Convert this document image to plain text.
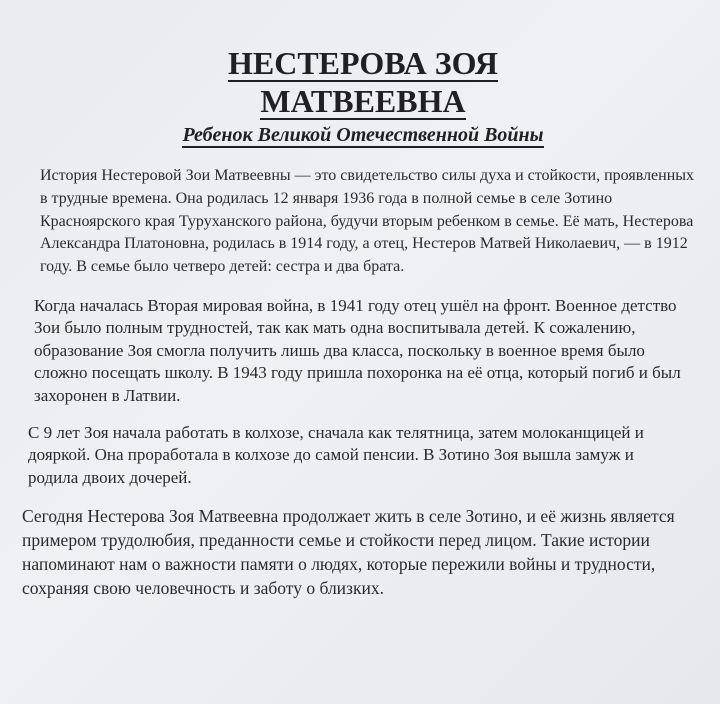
НЕСТЕРОВА ЗОЯ
МАТВЕЕВНА
Ребенок Великой Отечественной Войны

История Нестеровой Зои Матвеевны — это свидетельство силы духа и стойкости, проявленных в трудные времена. Она родилась 12 января 1936 года в полной семье в селе Зотино Красноярского края Туруханского района, будучи вторым ребенком в семье. Её мать, Нестерова Александра Платоновна, родилась в 1914 году, а отец, Нестеров Матвей Николаевич, — в 1912 году. В семье было четверо детей: сестра и два брата.

Когда началась Вторая мировая война, в 1941 году отец ушёл на фронт. Военное детство Зои было полным трудностей, так как мать одна воспитывала детей. К сожалению, образование Зоя смогла получить лишь два класса, поскольку в военное время было сложно посещать школу. В 1943 году пришла похоронка на её отца, который погиб и был захоронен в Латвии.

С 9 лет Зоя начала работать в колхозе, сначала как телятница, затем молоканщицей и дояркой. Она проработала в колхозе до самой пенсии. В Зотино Зоя вышла замуж и родила двоих дочерей.

Сегодня Нестерова Зоя Матвеевна продолжает жить в селе Зотино, и её жизнь является примером трудолюбия, преданности семье и стойкости перед лицом. Такие истории напоминают нам о важности памяти о людях, которые пережили войны и трудности, сохраняя свою человечность и заботу о близких.
